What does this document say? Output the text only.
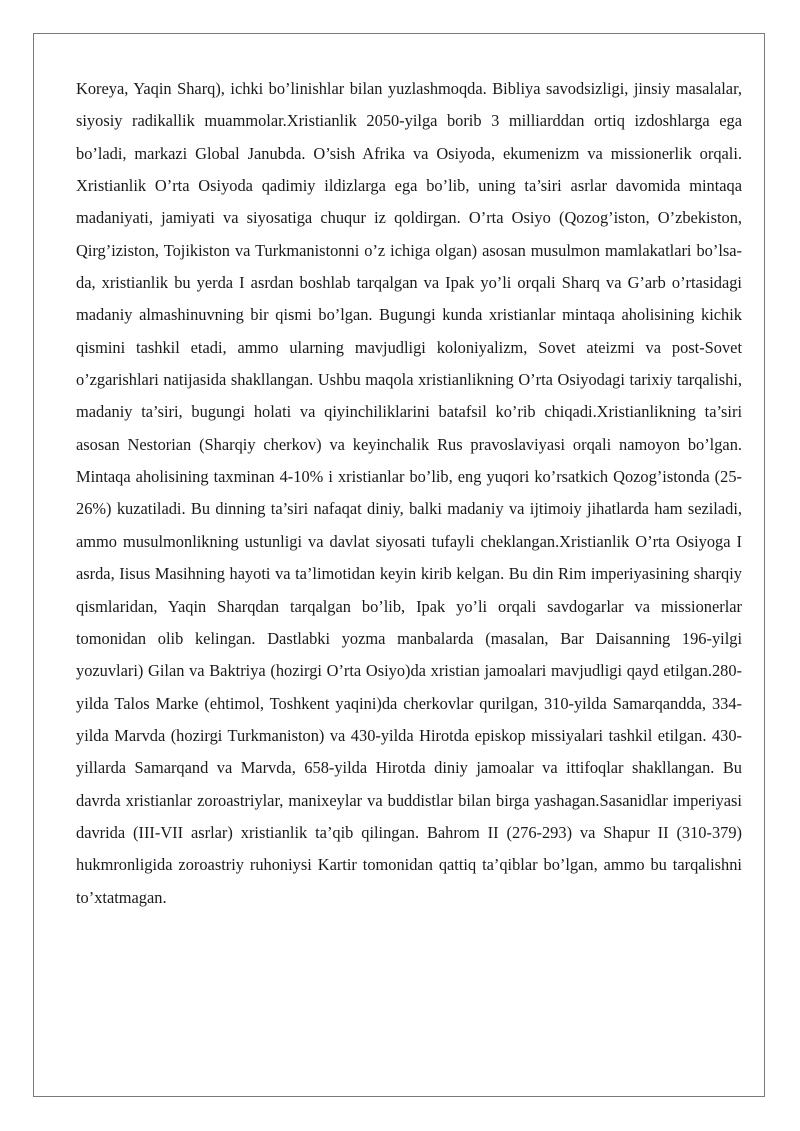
Koreya, Yaqin Sharq), ichki bo’linishlar bilan yuzlashmoqda. Bibliya savodsizligi, jinsiy masalalar, siyosiy radikallik muammolar.Xristianlik 2050-yilga borib 3 milliarddan ortiq izdoshlarga ega bo’ladi, markazi Global Janubda. O’sish Afrika va Osiyoda, ekumenizm va missionerlik orqali. Xristianlik O’rta Osiyoda qadimiy ildizlarga ega bo’lib, uning ta’siri asrlar davomida mintaqa madaniyati, jamiyati va siyosatiga chuqur iz qoldirgan. O’rta Osiyo (Qozog’iston, O’zbekiston, Qirg’iziston, Tojikiston va Turkmanistonni o’z ichiga olgan) asosan musulmon mamlakatlari bo’lsa-da, xristianlik bu yerda I asrdan boshlab tarqalgan va Ipak yo’li orqali Sharq va G’arb o’rtasidagi madaniy almashinuvning bir qismi bo’lgan. Bugungi kunda xristianlar mintaqa aholisining kichik qismini tashkil etadi, ammo ularning mavjudligi koloniyalizm, Sovet ateizmi va post-Sovet o’zgarishlari natijasida shakllangan. Ushbu maqola xristianlikning O’rta Osiyodagi tarixiy tarqalishi, madaniy ta’siri, bugungi holati va qiyinchiliklarini batafsil ko’rib chiqadi.Xristianlikning ta’siri asosan Nestorian (Sharqiy cherkov) va keyinchalik Rus pravoslaviyasi orqali namoyon bo’lgan. Mintaqa aholisining taxminan 4-10% i xristianlar bo’lib, eng yuqori ko’rsatkich Qozog’istonda (25-26%) kuzatiladi. Bu dinning ta’siri nafaqat diniy, balki madaniy va ijtimoiy jihatlarda ham seziladi, ammo musulmonlikning ustunligi va davlat siyosati tufayli cheklangan.Xristianlik O’rta Osiyoga I asrda, Iisus Masihning hayoti va ta’limotidan keyin kirib kelgan. Bu din Rim imperiyasining sharqiy qismlaridan, Yaqin Sharqdan tarqalgan bo’lib, Ipak yo’li orqali savdogarlar va missionerlar tomonidan olib kelingan. Dastlabki yozma manbalarda (masalan, Bar Daisanning 196-yilgi yozuvlari) Gilan va Baktriya (hozirgi O’rta Osiyo)da xristian jamoalari mavjudligi qayd etilgan.280-yilda Talos Marke (ehtimol, Toshkent yaqini)da cherkovlar qurilgan, 310-yilda Samarqandda, 334-yilda Marvda (hozirgi Turkmaniston) va 430-yilda Hirotda episkop missiyalari tashkil etilgan. 430-yillarda Samarqand va Marvda, 658-yilda Hirotda diniy jamoalar va ittifoqlar shakllangan. Bu davrda xristianlar zoroastriylar, manixeylar va buddistlar bilan birga yashagan.Sasanidlar imperiyasi davrida (III-VII asrlar) xristianlik ta’qib qilingan. Bahrom II (276-293) va Shapur II (310-379) hukmronligida zoroastriy ruhoniysi Kartir tomonidan qattiq ta’qiblar bo’lgan, ammo bu tarqalishni to’xtatmagan.
